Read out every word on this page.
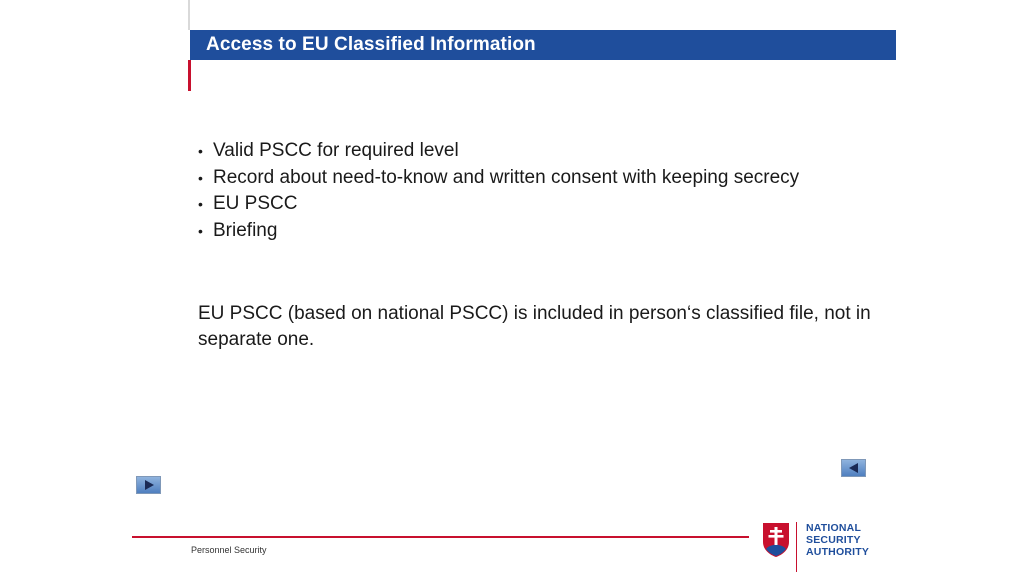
Access to EU Classified Information
• Valid PSCC for required level
• Record about need-to-know and written consent with keeping secrecy
• EU PSCC
• Briefing

EU PSCC (based on national PSCC) is included in person‘s classified file, not in separate one.

Personnel Security
NATIONAL
SECURITY
AUTHORITY
